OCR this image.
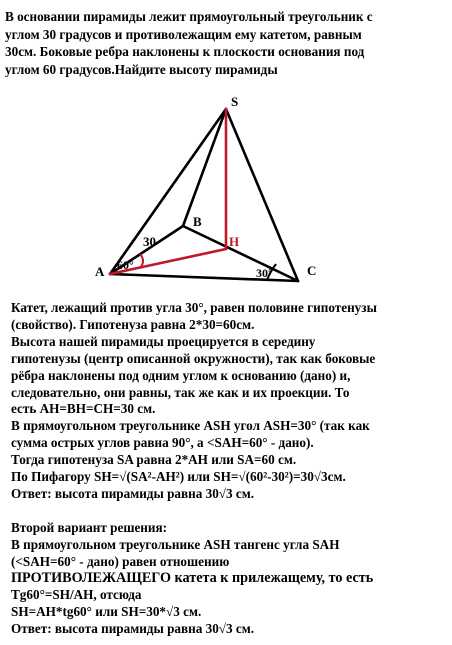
В основании пирамиды лежит прямоугольный треугольник с
углом 30 градусов и противолежащим ему катетом, равным
30см. Боковые ребра наклонены к плоскости основания под
углом 60 градусов.Найдите высоту пирамиды
S
B
H
A	C
30
60°
30°
Катет, лежащий против угла 30°, равен половине гипотенузы
(свойство). Гипотенуза равна 2*30=60см.
Высота нашей пирамиды проецируется в середину
гипотенузы (центр описанной окружности), так как боковые
рёбра наклонены под одним углом к основанию (дано) и,
следовательно, они равны, так же как и их проекции. То
есть AH=BH=CH=30 см.
В прямоугольном треугольнике ASH угол ASH=30° (так как
сумма острых углов равна 90°, а <SAH=60° - дано).
Тогда гипотенуза SA равна 2*AH или SA=60 см.
По Пифагору SH=√(SA²-AH²) или SH=√(60²-30²)=30√3см.
Ответ: высота пирамиды равна 30√3 см.
Второй вариант решения:
В прямоугольном треугольнике ASH тангенс угла SAH
(<SAH=60° - дано) равен отношению
ПРОТИВОЛЕЖАЩЕГО катета к прилежащему, то есть
Tg60°=SH/AH, отсюда
SH=AH*tg60° или SH=30*√3 см.
Ответ: высота пирамиды равна 30√3 см.
